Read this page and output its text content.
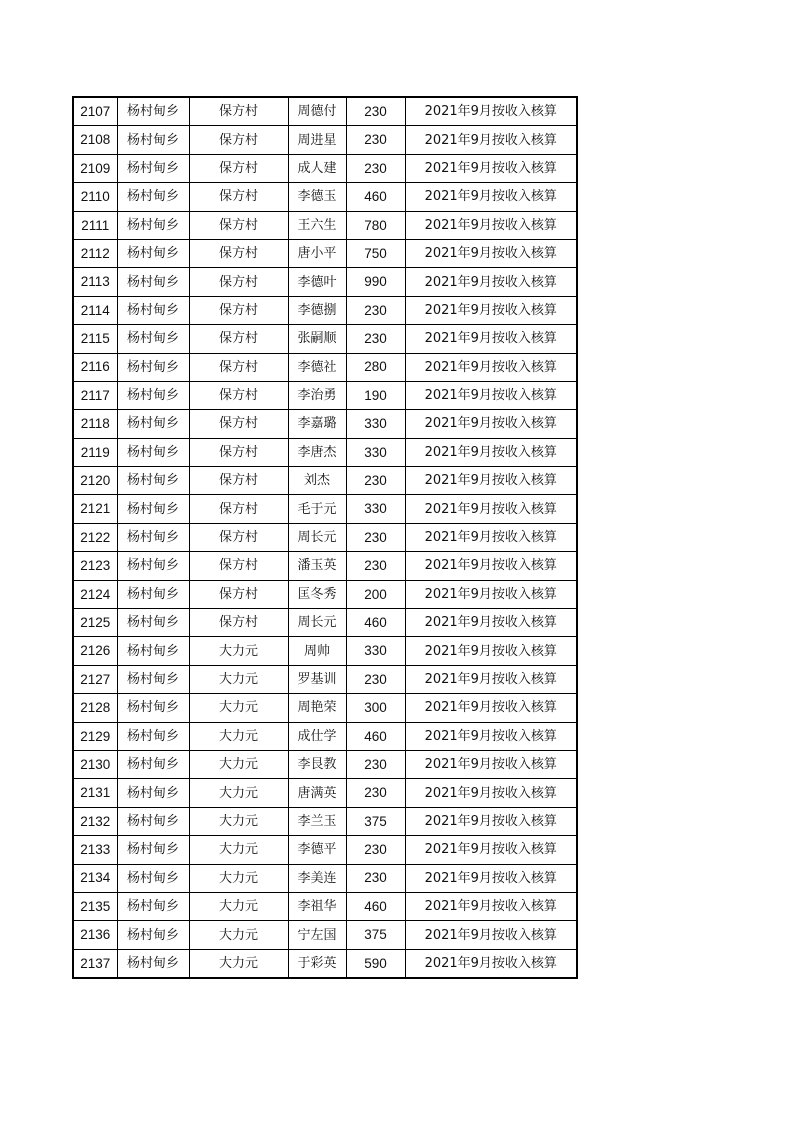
2107	杨村甸乡	保方村	周德付	230	2021年9月按收入核算
2108	杨村甸乡	保方村	周进星	230	2021年9月按收入核算
2109	杨村甸乡	保方村	成人建	230	2021年9月按收入核算
2110	杨村甸乡	保方村	李德玉	460	2021年9月按收入核算
2111	杨村甸乡	保方村	王六生	780	2021年9月按收入核算
2112	杨村甸乡	保方村	唐小平	750	2021年9月按收入核算
2113	杨村甸乡	保方村	李德叶	990	2021年9月按收入核算
2114	杨村甸乡	保方村	李德捌	230	2021年9月按收入核算
2115	杨村甸乡	保方村	张嗣顺	230	2021年9月按收入核算
2116	杨村甸乡	保方村	李德社	280	2021年9月按收入核算
2117	杨村甸乡	保方村	李治勇	190	2021年9月按收入核算
2118	杨村甸乡	保方村	李嘉璐	330	2021年9月按收入核算
2119	杨村甸乡	保方村	李唐杰	330	2021年9月按收入核算
2120	杨村甸乡	保方村	刘杰	230	2021年9月按收入核算
2121	杨村甸乡	保方村	毛于元	330	2021年9月按收入核算
2122	杨村甸乡	保方村	周长元	230	2021年9月按收入核算
2123	杨村甸乡	保方村	潘玉英	230	2021年9月按收入核算
2124	杨村甸乡	保方村	匡冬秀	200	2021年9月按收入核算
2125	杨村甸乡	保方村	周长元	460	2021年9月按收入核算
2126	杨村甸乡	大力元	周帅	330	2021年9月按收入核算
2127	杨村甸乡	大力元	罗基训	230	2021年9月按收入核算
2128	杨村甸乡	大力元	周艳荣	300	2021年9月按收入核算
2129	杨村甸乡	大力元	成仕学	460	2021年9月按收入核算
2130	杨村甸乡	大力元	李艮教	230	2021年9月按收入核算
2131	杨村甸乡	大力元	唐满英	230	2021年9月按收入核算
2132	杨村甸乡	大力元	李兰玉	375	2021年9月按收入核算
2133	杨村甸乡	大力元	李德平	230	2021年9月按收入核算
2134	杨村甸乡	大力元	李美连	230	2021年9月按收入核算
2135	杨村甸乡	大力元	李祖华	460	2021年9月按收入核算
2136	杨村甸乡	大力元	宁左国	375	2021年9月按收入核算
2137	杨村甸乡	大力元	于彩英	590	2021年9月按收入核算
